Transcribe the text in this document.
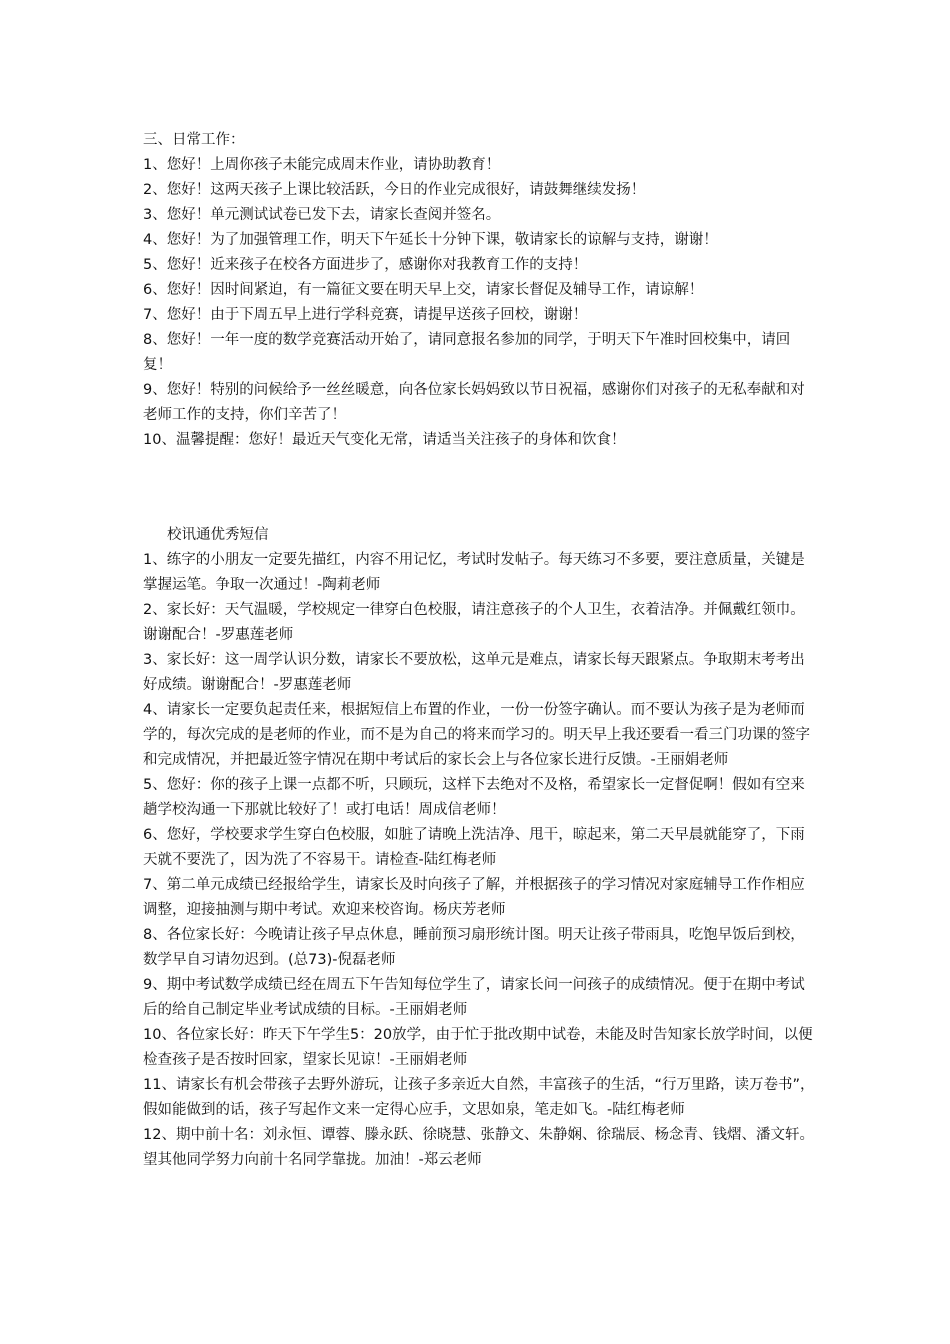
三、日常工作：
1、您好！上周你孩子未能完成周末作业，请协助教育！
2、您好！这两天孩子上课比较活跃，今日的作业完成很好，请鼓舞继续发扬！
3、您好！单元测试试卷已发下去，请家长查阅并签名。
4、您好！为了加强管理工作，明天下午延长十分钟下课，敬请家长的谅解与支持，谢谢！
5、您好！近来孩子在校各方面进步了，感谢你对我教育工作的支持！
6、您好！因时间紧迫，有一篇征文要在明天早上交，请家长督促及辅导工作，请谅解！
7、您好！由于下周五早上进行学科竞赛，请提早送孩子回校，谢谢！
8、您好！一年一度的数学竞赛活动开始了，请同意报名参加的同学，于明天下午准时回校集中，请回复！
9、您好！特别的问候给予一丝丝暖意，向各位家长妈妈致以节日祝福，感谢你们对孩子的无私奉献和对老师工作的支持，你们辛苦了！
10、温馨提醒：您好！最近天气变化无常，请适当关注孩子的身体和饮食！
校讯通优秀短信
1、练字的小朋友一定要先描红，内容不用记忆，考试时发帖子。每天练习不多要，要注意质量，关键是掌握运笔。争取一次通过！-陶莉老师
2、家长好：天气温暖，学校规定一律穿白色校服，请注意孩子的个人卫生，衣着洁净。并佩戴红领巾。谢谢配合！-罗惠莲老师
3、家长好：这一周学认识分数，请家长不要放松，这单元是难点，请家长每天跟紧点。争取期末考考出好成绩。谢谢配合！-罗惠莲老师
4、请家长一定要负起责任来，根据短信上布置的作业，一份一份签字确认。而不要认为孩子是为老师而学的，每次完成的是老师的作业，而不是为自己的将来而学习的。明天早上我还要看一看三门功课的签字和完成情况，并把最近签字情况在期中考试后的家长会上与各位家长进行反馈。-王丽娟老师
5、您好：你的孩子上课一点都不听，只顾玩，这样下去绝对不及格，希望家长一定督促啊！假如有空来趟学校沟通一下那就比较好了！或打电话！周成信老师！
6、您好，学校要求学生穿白色校服，如脏了请晚上洗洁净、甩干，晾起来，第二天早晨就能穿了，下雨天就不要洗了，因为洗了不容易干。请检查-陆红梅老师
7、第二单元成绩已经报给学生，请家长及时向孩子了解，并根据孩子的学习情况对家庭辅导工作作相应调整，迎接抽测与期中考试。欢迎来校咨询。杨庆芳老师
8、各位家长好：今晚请让孩子早点休息，睡前预习扇形统计图。明天让孩子带雨具，吃饱早饭后到校，数学早自习请勿迟到。(总73)-倪磊老师
9、期中考试数学成绩已经在周五下午告知每位学生了，请家长问一问孩子的成绩情况。便于在期中考试后的给自己制定毕业考试成绩的目标。-王丽娟老师
10、各位家长好：昨天下午学生5：20放学，由于忙于批改期中试卷，未能及时告知家长放学时间，以便检查孩子是否按时回家，望家长见谅！-王丽娟老师
11、请家长有机会带孩子去野外游玩，让孩子多亲近大自然，丰富孩子的生活，“行万里路，读万卷书”，假如能做到的话，孩子写起作文来一定得心应手，文思如泉，笔走如飞。-陆红梅老师
12、期中前十名：刘永恒、谭蓉、滕永跃、徐晓慧、张静文、朱静娴、徐瑞辰、杨念青、钱熠、潘文轩。望其他同学努力向前十名同学靠拢。加油！-郑云老师
